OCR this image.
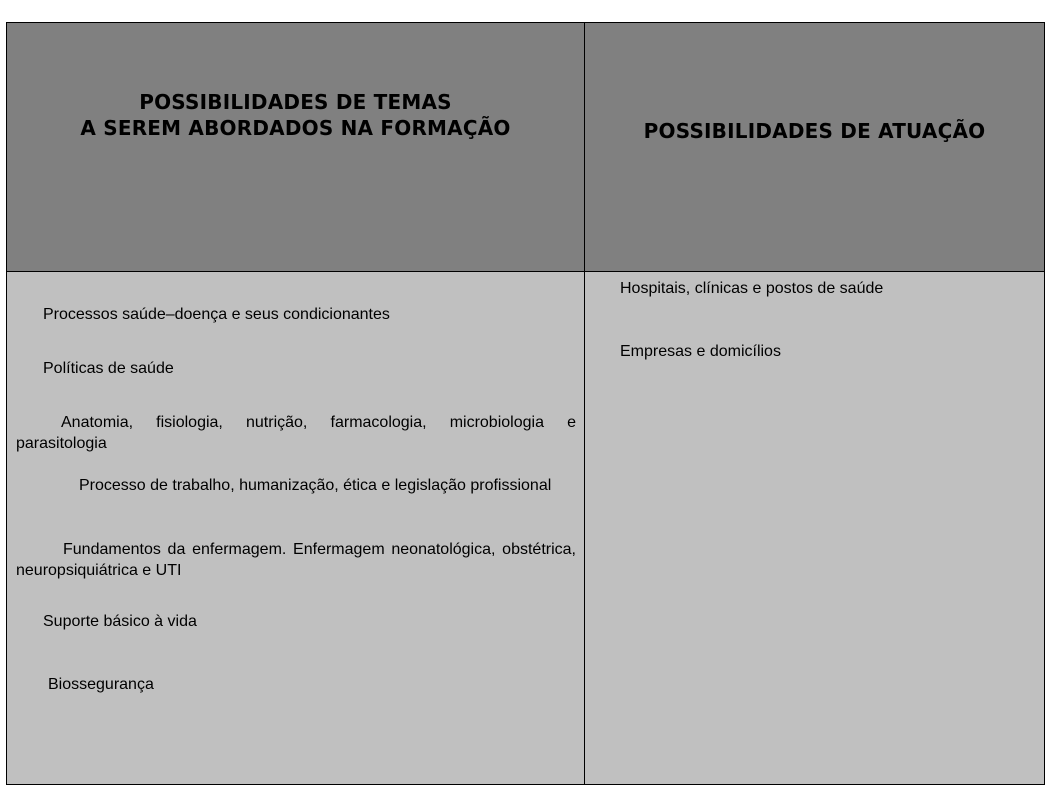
POSSIBILIDADES DE TEMAS
A SEREM ABORDADOS NA FORMAÇÃO	POSSIBILIDADES DE ATUAÇÃO
Processos saúde–doença e seus condicionantes
Políticas de saúde
Anatomia, fisiologia, nutrição, farmacologia, microbiologia e parasitologia
Processo de trabalho, humanização, ética e legislação profissional
Fundamentos da enfermagem. Enfermagem neonatológica, obstétrica, neuropsiquiátrica e UTI
Suporte básico à vida
Biossegurança
Hospitais, clínicas e postos de saúde
Empresas e domicílios
